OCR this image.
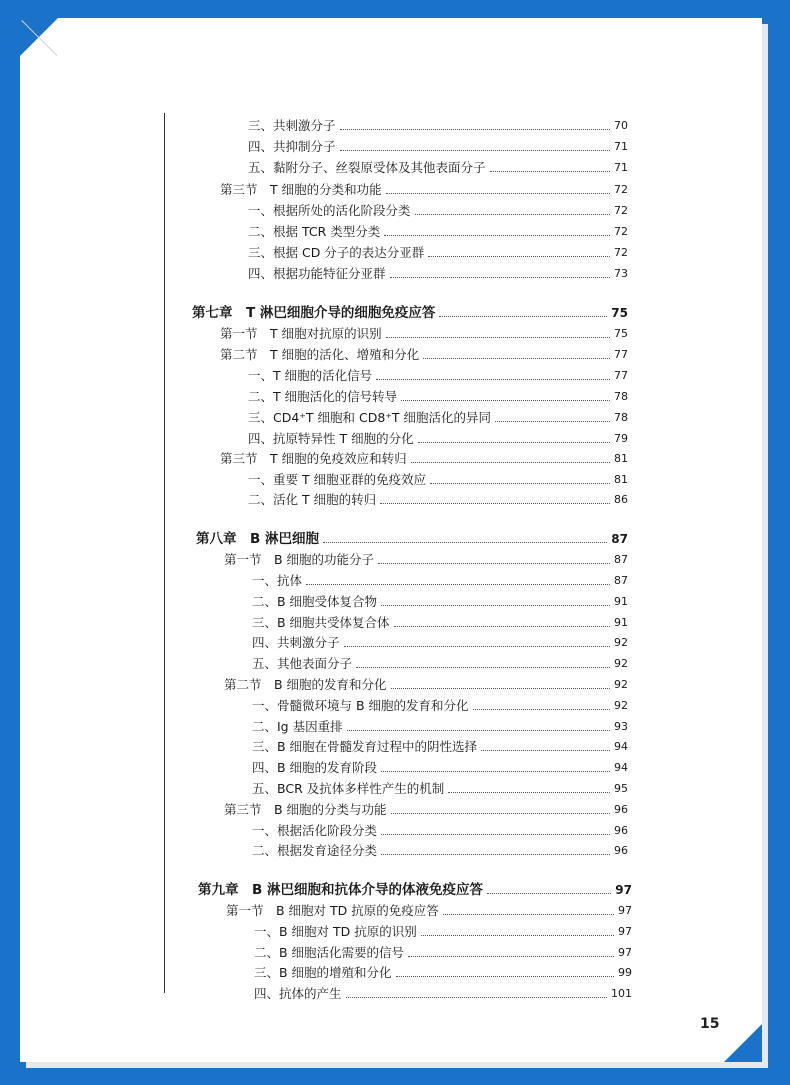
三、共刺激分子	70
四、共抑制分子	71
五、黏附分子、丝裂原受体及其他表面分子	71
第三节　T 细胞的分类和功能	72
一、根据所处的活化阶段分类	72
二、根据 TCR 类型分类	72
三、根据 CD 分子的表达分亚群	72
四、根据功能特征分亚群	73
第七章　T 淋巴细胞介导的细胞免疫应答	75
第一节　T 细胞对抗原的识别	75
第二节　T 细胞的活化、增殖和分化	77
一、T 细胞的活化信号	77
二、T 细胞活化的信号转导	78
三、CD4⁺T 细胞和 CD8⁺T 细胞活化的异同	78
四、抗原特异性 T 细胞的分化	79
第三节　T 细胞的免疫效应和转归	81
一、重要 T 细胞亚群的免疫效应	81
二、活化 T 细胞的转归	86
第八章　B 淋巴细胞	87
第一节　B 细胞的功能分子	87
一、抗体	87
二、B 细胞受体复合物	91
三、B 细胞共受体复合体	91
四、共刺激分子	92
五、其他表面分子	92
第二节　B 细胞的发育和分化	92
一、骨髓微环境与 B 细胞的发育和分化	92
二、Ig 基因重排	93
三、B 细胞在骨髓发育过程中的阴性选择	94
四、B 细胞的发育阶段	94
五、BCR 及抗体多样性产生的机制	95
第三节　B 细胞的分类与功能	96
一、根据活化阶段分类	96
二、根据发育途径分类	96
第九章　B 淋巴细胞和抗体介导的体液免疫应答	97
第一节　B 细胞对 TD 抗原的免疫应答	97
一、B 细胞对 TD 抗原的识别	97
二、B 细胞活化需要的信号	97
三、B 细胞的增殖和分化	99
四、抗体的产生	101
15
